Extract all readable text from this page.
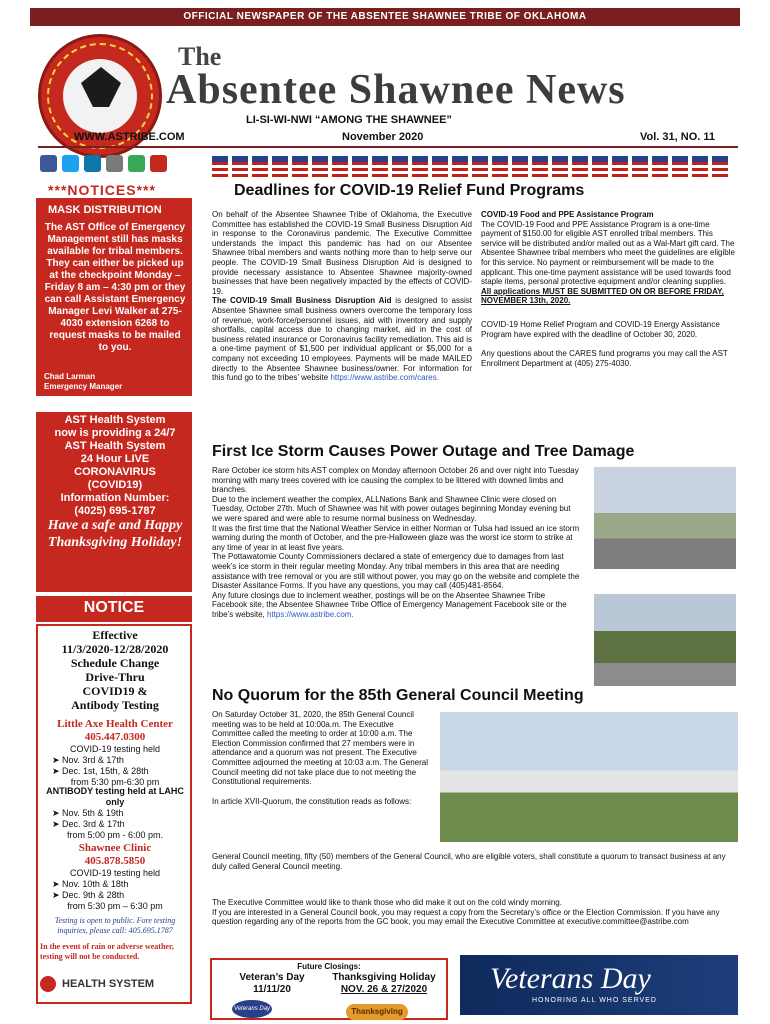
OFFICIAL NEWSPAPER OF THE ABSENTEE SHAWNEE TRIBE OF OKLAHOMA
The
Absentee Shawnee News
LI-SI-WI-NWI “AMONG THE SHAWNEE”
WWW.ASTRIBE.COM	November 2020	Vol. 31, NO. 11
***NOTICES***
MASK DISTRIBUTION
The AST Office of Emergency Management still has masks available for tribal members. They can either be picked up at the checkpoint Monday – Friday 8 am – 4:30 pm or they can call Assistant Emergency Manager Levi Walker at 275-4030 extension 6268 to request masks to be mailed to you.
Chad Larman
Emergency Manager
AST Health System
now is providing a 24/7
AST Health System
24 Hour LIVE
CORONAVIRUS
(COVID19)
Information Number:
(4025) 695-1787
Have a safe and Happy Thanksgiving Holiday!
NOTICE
Effective
11/3/2020-12/28/2020
Schedule Change
Drive-Thru
COVID19 &
Antibody Testing
Little Axe Health Center
405.447.0300
COVID-19 testing held
➤ Nov. 3rd & 17th
➤ Dec. 1st, 15th, & 28th
from 5:30 pm-6:30 pm
ANTIBODY testing held at LAHC only
➤ Nov. 5th & 19th
➤ Dec. 3rd & 17th
from 5:00 pm - 6:00 pm.
Shawnee Clinic
405.878.5850
COVID-19 testing held
➤ Nov. 10th & 18th
➤ Dec. 9th & 28th
from 5:30 pm – 6:30 pm
Testing is open to public. Fore testing inquiries, please call: 405.695.1787
In the event of rain or adverse weather, testing will not be conducted.
HEALTH SYSTEM
Deadlines for COVID-19 Relief Fund Programs

On behalf of the Absentee Shawnee Tribe of Oklahoma, the Executive Committee has established the COVID-19 Small Business Disruption Aid in response to the Coronavirus pandemic. The Executive Committee understands the impact this pandemic has had on our Absentee Shawnee tribal members and wants nothing more than to help serve our people. The COVID-19 Small Business Disruption Aid is designed to provide necessary assistance to Absentee Shawnee majority-owned businesses that have been negatively impacted by the effects of COVID-19.

The COVID-19 Small Business Disruption Aid is designed to assist Absentee Shawnee small business owners overcome the temporary loss of revenue, work-force/personnel issues, aid with inventory and supply shortfalls, capital access due to changing market, aid in the cost of business related insurance or Coronavirus facility remediation. This aid is a one-time payment of $1,500 per individual applicant or $5,000 for a company not exceeding 10 employees. Payments will be made MAILED directly to the Absentee Shawnee business/owner. For information for this fund go to the tribes’ website https://www.astribe.com/cares.

COVID-19 Food and PPE Assistance Program

The COVID-19 Food and PPE Assistance Program is a one-time payment of $150.00 for eligible AST enrolled tribal members. This service will be distributed and/or mailed out as a Wal-Mart gift card. The Absentee Shawnee tribal members who meet the guidelines are eligible for this service. No payment or reimbursement will be made to the applicant. This one-time payment assistance will be used towards food staple items, personal protective equipment and/or cleaning supplies.

All applications MUST BE SUBMITTED ON OR BEFORE FRIDAY, NOVEMBER 13th, 2020.

COVID-19 Home Relief Program and COVID-19 Energy Assistance Program have expired with the deadline of October 30, 2020.

Any questions about the CARES fund programs you may call the AST Enrollment Department at (405) 275-4030.

First Ice Storm Causes Power Outage and Tree Damage

Rare October ice storm hits AST complex on Monday afternoon October 26 and over night into Tuesday morning with many trees covered with ice causing the complex to be littered with downed limbs and branches.

Due to the inclement weather the complex, ALLNations Bank and Shawnee Clinic were closed on Tuesday, October 27th. Much of Shawnee was hit with power outages beginning Monday evening but we were spared and were able to resume normal business on Wednesday.

It was the first time that the National Weather Service in either Norman or Tulsa had issued an ice storm warning during the month of October, and the pre-Halloween glaze was the worst ice storm to strike at any time of year in at least five years.

The Pottawatomie County Commissioners declared a state of emergency due to damages from last week’s ice storm in their regular meeting Monday. Any tribal members in this area that are needing assistance with tree removal or you are still without power, you may go on the website and complete the Disaster Assitance Forms. If you have any questions, you may call (405)481-8564.

Any future closings due to inclement weather, postings will be on the Absentee Shawnee Tribe Facebook site, the Absentee Shawnee Tribe Office of Emergency Management Facebook site or the tribe’s website, https://www.astribe.com.

No Quorum for the 85th General Council Meeting

On Saturday October 31, 2020, the 85th General Council meeting was to be held at 10:00a.m. The Executive Committee called the meeting to order at 10:00 a.m. The Election Commission confirmed that 27 members were in attendance and a quorum was not present. The Executive Committee adjourned the meeting at 10:03 a.m. The General Council meeting did not take place due to not meeting the Constitutional requirements.

In article XVII-Quorum, the constitution reads as follows:

General Council meeting, fifty (50) members of the General Council, who are eligible voters, shall constitute a quorum to transact business at any duly called General Council meeting.

The Executive Committee would like to thank those who did make it out on the cold windy morning.

If you are interested in a General Council book, you may request a copy from the Secretary’s office or the Election Commission. If you have any question regarding any of the reports from the GC book, you may email the Executive Committee at executive.committee@astribe.com

Future Closings:
Veteran’s Day
11/11/20
Thanksgiving Holiday
NOV. 26 & 27/2020
Veterans Day	Thanksgiving
Veterans Day
HONORING ALL WHO SERVED
